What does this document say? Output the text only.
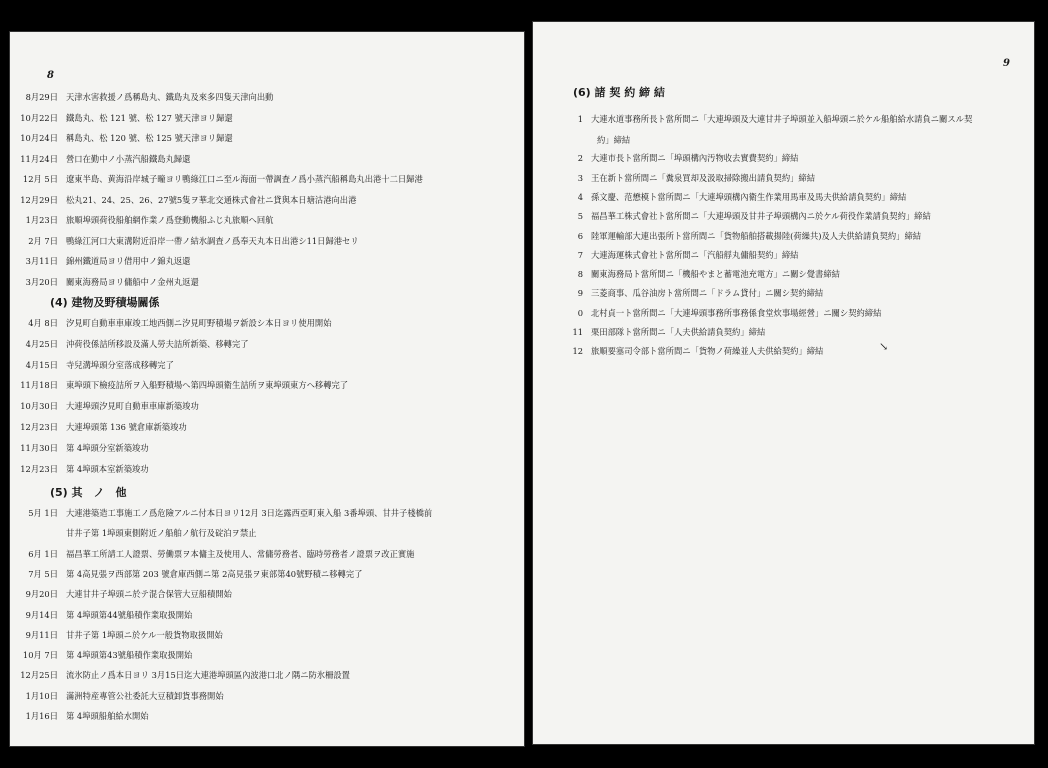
8
8月29日 天津水害救援ノ爲稱島丸、鐵島丸及來多四隻天津向出動
10月22日 鐵島丸、松 121 號、松 127 號天津ヨリ歸還
10月24日 稱島丸、松 120 號、松 125 號天津ヨリ歸還
11月24日 營口在勤中ノ小蒸汽船鐵島丸歸還
12月 5日 遼東半島、黄海沿岸城子疃ヨリ鴨綠江口ニ至ル海面一帶調査ノ爲小蒸汽船稱島丸出港十二日歸港
12月29日 松丸21、24、25、26、27號5隻ヲ華北交通株式會社ニ貸與本日塘沽港向出港
1月23日 旅順埠頭荷役船舶網作業ノ爲登動機船ふじ丸旅順へ回航
2月 7日 鴨綠江河口大東溝附近沿岸一帶ノ結氷調査ノ爲奉天丸本日出港シ11日歸港セリ
3月11日 錦州鐵道局ヨリ借用中ノ錦丸返還
3月20日 關東海務局ヨリ傭船中ノ金州丸返還
(4) 建物及野積場關係
4月 8日 汐見町自動車車庫竣工地西側ニ汐見町野積場ヲ新設シ本日ヨリ使用開始
4月25日 沖荷役係詰所移設及滿人勞夫詰所新築、移轉完了
4月15日 寺兒溝埠頭分室落成移轉完了
11月18日 東埠頭下檢疫詰所ヲ入船野積場へ第四埠頭衛生詰所ヲ東埠頭東方へ移轉完了
10月30日 大連埠頭汐見町自動車車庫新築竣功
12月23日 大連埠頭第 136 號倉庫新築竣功
11月30日 第 4埠頭分室新築竣功
12月23日 第 4埠頭本室新築竣功
(5) 其　ノ　他
5月 1日 大連港築造工事施工ノ爲危險アルニ付本日ヨリ12月 3日迄露西亞町東入船 3番埠頭、甘井子棧橋前
甘井子第 1埠頭東側附近ノ船舶ノ航行及碇泊ヲ禁止
6月 1日 福昌華工所請工人證票、勞働票ヲ本傭主及使用人、常傭勞務者、臨時勞務者ノ證票ヲ改正實施
7月 5日 第 4高見張ヲ西部第 203 號倉庫西側ニ第 2高見張ヲ東部第40號野積ニ移轉完了
9月20日 大連甘井子埠頭ニ於テ混合保管大豆船積開始
9月14日 第 4埠頭第44號船積作業取扱開始
9月11日 甘井子第 1埠頭ニ於ケル一般貨物取扱開始
10月 7日 第 4埠頭第43號船積作業取扱開始
12月25日 流氷防止ノ爲本日ヨリ 3月15日迄大連港埠頭區內波港口北ノ隅ニ防氷柵設置
1月10日 滿洲特産專管公社委託大豆積卸貨事務開始
1月16日 第 4埠頭船舶給水開始
9
(6) 諸 契 約 締 結
1 大連水道事務所長ト當所間ニ「大連埠頭及大連甘井子埠頭並入船埠頭ニ於ケル船舶給水請負ニ關スル契
約」締結
2 大連市長ト當所間ニ「埠頭構內汚物收去實費契約」締結
3 王在新ト當所間ニ「糞泉買却及汲取掃除搬出請負契約」締結
4 孫文慶、范懋模ト當所間ニ「大連埠頭構內衛生作業用馬車及馬夫供給請負契約」締結
5 福昌華工株式會社ト當所間ニ「大連埠頭及甘井子埠頭構內ニ於ケル荷役作業請負契約」締結
6 陸軍運輸部大連出張所ト當所間ニ「貨物船舶搭載揚陸(荷繰共)及人夫供給請負契約」締結
7 大連海運株式會社ト當所間ニ「汽船艀丸傭船契約」締結
8 關東海務局ト當所間ニ「機船やまと蓄電池充電方」ニ關シ覺書締結
9 三菱商事、瓜谷油房ト當所間ニ「ドラム貸付」ニ關シ契約締結
0 北村貞一ト當所間ニ「大連埠頭事務所事務係食堂炊事場經營」ニ關シ契約締結
11 栗田部隊ト當所間ニ「人夫供給請負契約」締結
12 旅順要塞司令部ト當所間ニ「貨物ノ荷繰並人夫供給契約」締結	↘
